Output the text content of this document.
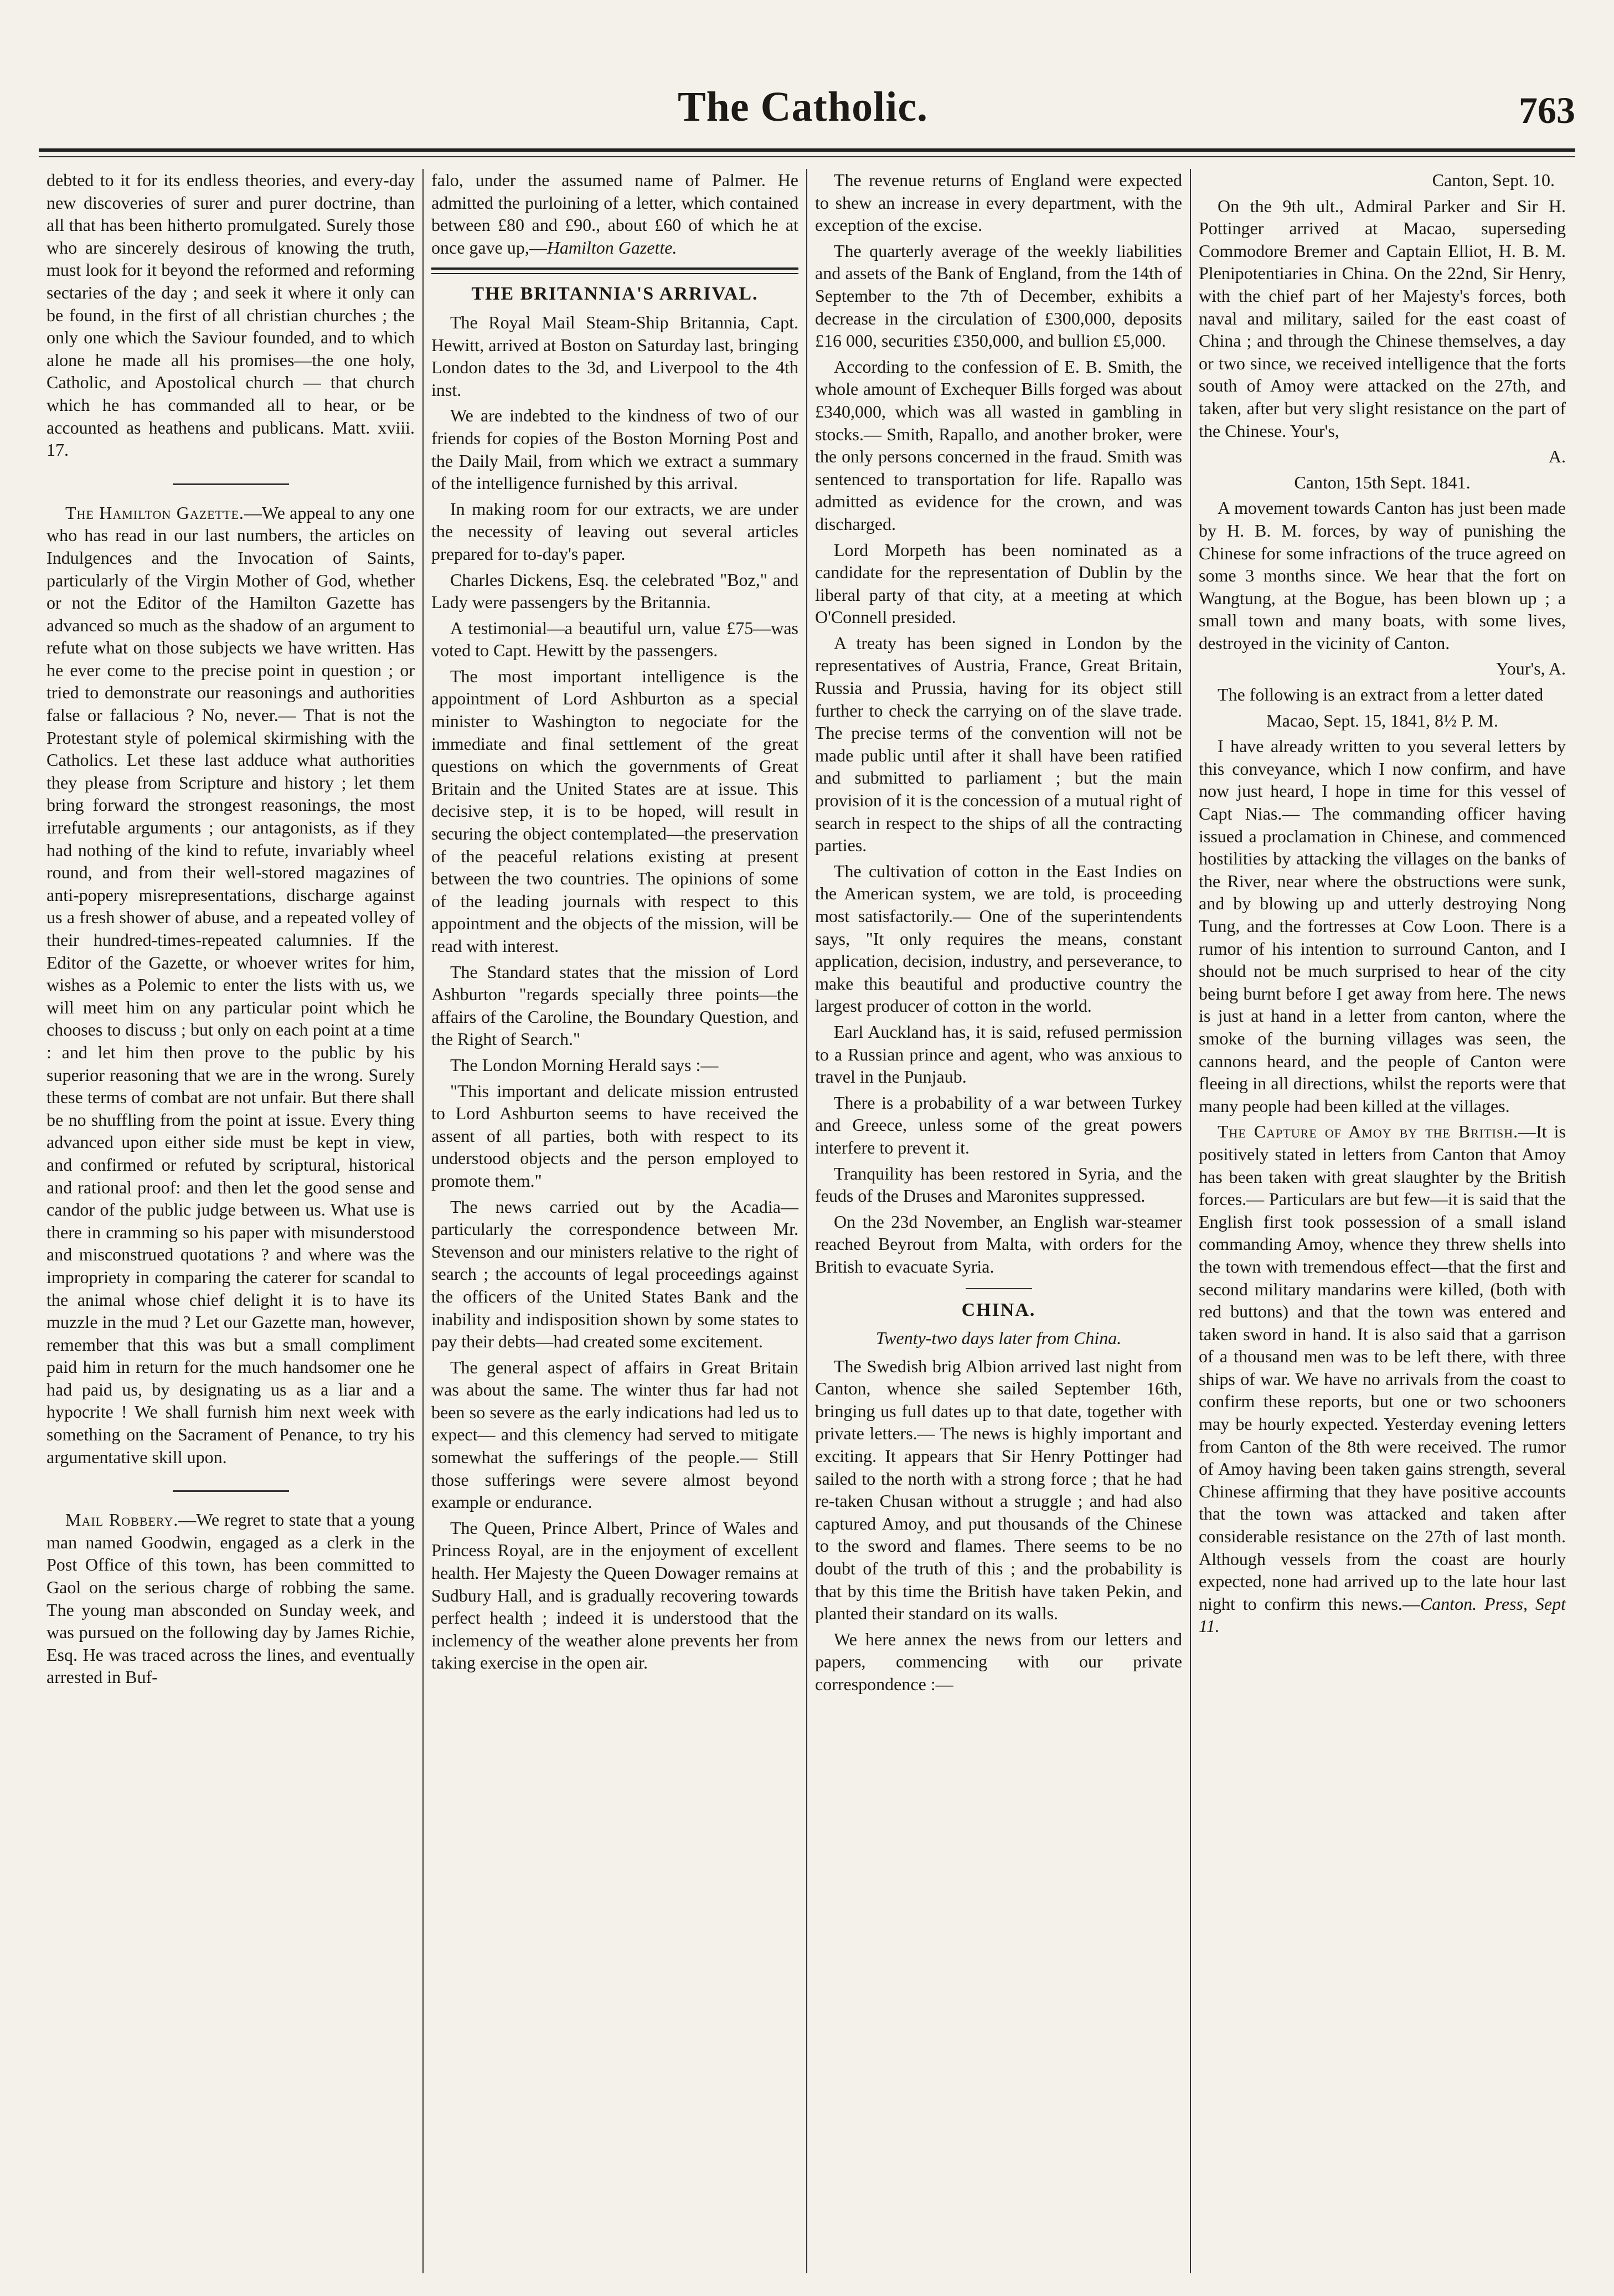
The Catholic.	763

debted to it for its endless theories, and every-day new discoveries of surer and purer doctrine, than all that has been hitherto promulgated. Surely those who are sincerely desirous of knowing the truth, must look for it beyond the reformed and reforming sectaries of the day ; and seek it where it only can be found, in the first of all christian churches ; the only one which the Saviour founded, and to which alone he made all his promises—the one holy, Catholic, and Apostolical church — that church which he has commanded all to hear, or be accounted as heathens and publicans. Matt. xviii. 17.

The Hamilton Gazette.—We appeal to any one who has read in our last numbers, the articles on Indulgences and the Invocation of Saints, particularly of the Virgin Mother of God, whether or not the Editor of the Hamilton Gazette has advanced so much as the shadow of an argument to refute what on those subjects we have written. Has he ever come to the precise point in question ; or tried to demonstrate our reasonings and authorities false or fallacious ? No, never.— That is not the Protestant style of polemical skirmishing with the Catholics. Let these last adduce what authorities they please from Scripture and history ; let them bring forward the strongest reasonings, the most irrefutable arguments ; our antagonists, as if they had nothing of the kind to refute, invariably wheel round, and from their well-stored magazines of anti-popery misrepresentations, discharge against us a fresh shower of abuse, and a repeated volley of their hundred-times-repeated calumnies. If the Editor of the Gazette, or whoever writes for him, wishes as a Polemic to enter the lists with us, we will meet him on any particular point which he chooses to discuss ; but only on each point at a time : and let him then prove to the public by his superior reasoning that we are in the wrong. Surely these terms of combat are not unfair. But there shall be no shuffling from the point at issue. Every thing advanced upon either side must be kept in view, and confirmed or refuted by scriptural, historical and rational proof: and then let the good sense and candor of the public judge between us. What use is there in cramming so his paper with misunderstood and misconstrued quotations ? and where was the impropriety in comparing the caterer for scandal to the animal whose chief delight it is to have its muzzle in the mud ? Let our Gazette man, however, remember that this was but a small compliment paid him in return for the much handsomer one he had paid us, by designating us as a liar and a hypocrite ! We shall furnish him next week with something on the Sacrament of Penance, to try his argumentative skill upon.

Mail Robbery.—We regret to state that a young man named Goodwin, engaged as a clerk in the Post Office of this town, has been committed to Gaol on the serious charge of robbing the same. The young man absconded on Sunday week, and was pursued on the following day by James Richie, Esq. He was traced across the lines, and eventually arrested in Buf-

falo, under the assumed name of Palmer. He admitted the purloining of a letter, which contained between £80 and £90., about £60 of which he at once gave up,—Hamilton Gazette.

THE BRITANNIA'S ARRIVAL.

The Royal Mail Steam-Ship Britannia, Capt. Hewitt, arrived at Boston on Saturday last, bringing London dates to the 3d, and Liverpool to the 4th inst.

We are indebted to the kindness of two of our friends for copies of the Boston Morning Post and the Daily Mail, from which we extract a summary of the intelligence furnished by this arrival.

In making room for our extracts, we are under the necessity of leaving out several articles prepared for to-day's paper.

Charles Dickens, Esq. the celebrated "Boz," and Lady were passengers by the Britannia.

A testimonial—a beautiful urn, value £75—was voted to Capt. Hewitt by the passengers.

The most important intelligence is the appointment of Lord Ashburton as a special minister to Washington to negociate for the immediate and final settlement of the great questions on which the governments of Great Britain and the United States are at issue. This decisive step, it is to be hoped, will result in securing the object contemplated—the preservation of the peaceful relations existing at present between the two countries. The opinions of some of the leading journals with respect to this appointment and the objects of the mission, will be read with interest.

The Standard states that the mission of Lord Ashburton "regards specially three points—the affairs of the Caroline, the Boundary Question, and the Right of Search."

The London Morning Herald says :—

"This important and delicate mission entrusted to Lord Ashburton seems to have received the assent of all parties, both with respect to its understood objects and the person employed to promote them."

The news carried out by the Acadia— particularly the correspondence between Mr. Stevenson and our ministers relative to the right of search ; the accounts of legal proceedings against the officers of the United States Bank and the inability and indisposition shown by some states to pay their debts—had created some excitement.

The general aspect of affairs in Great Britain was about the same. The winter thus far had not been so severe as the early indications had led us to expect— and this clemency had served to mitigate somewhat the sufferings of the people.— Still those sufferings were severe almost beyond example or endurance.

The Queen, Prince Albert, Prince of Wales and Princess Royal, are in the enjoyment of excellent health. Her Majesty the Queen Dowager remains at Sudbury Hall, and is gradually recovering towards perfect health ; indeed it is understood that the inclemency of the weather alone prevents her from taking exercise in the open air.

The revenue returns of England were expected to shew an increase in every department, with the exception of the excise.

The quarterly average of the weekly liabilities and assets of the Bank of England, from the 14th of September to the 7th of December, exhibits a decrease in the circulation of £300,000, deposits £16 000, securities £350,000, and bullion £5,000.

According to the confession of E. B. Smith, the whole amount of Exchequer Bills forged was about £340,000, which was all wasted in gambling in stocks.— Smith, Rapallo, and another broker, were the only persons concerned in the fraud. Smith was sentenced to transportation for life. Rapallo was admitted as evidence for the crown, and was discharged.

Lord Morpeth has been nominated as a candidate for the representation of Dublin by the liberal party of that city, at a meeting at which O'Connell presided.

A treaty has been signed in London by the representatives of Austria, France, Great Britain, Russia and Prussia, having for its object still further to check the carrying on of the slave trade. The precise terms of the convention will not be made public until after it shall have been ratified and submitted to parliament ; but the main provision of it is the concession of a mutual right of search in respect to the ships of all the contracting parties.

The cultivation of cotton in the East Indies on the American system, we are told, is proceeding most satisfactorily.— One of the superintendents says, "It only requires the means, constant application, decision, industry, and perseverance, to make this beautiful and productive country the largest producer of cotton in the world.

Earl Auckland has, it is said, refused permission to a Russian prince and agent, who was anxious to travel in the Punjaub.

There is a probability of a war between Turkey and Greece, unless some of the great powers interfere to prevent it.

Tranquility has been restored in Syria, and the feuds of the Druses and Maronites suppressed.

On the 23d November, an English war-steamer reached Beyrout from Malta, with orders for the British to evacuate Syria.

CHINA.

Twenty-two days later from China.

The Swedish brig Albion arrived last night from Canton, whence she sailed September 16th, bringing us full dates up to that date, together with private letters.— The news is highly important and exciting. It appears that Sir Henry Pottinger had sailed to the north with a strong force ; that he had re-taken Chusan without a struggle ; and had also captured Amoy, and put thousands of the Chinese to the sword and flames. There seems to be no doubt of the truth of this ; and the probability is that by this time the British have taken Pekin, and planted their standard on its walls.

We here annex the news from our letters and papers, commencing with our private correspondence :—

Canton, Sept. 10.

On the 9th ult., Admiral Parker and Sir H. Pottinger arrived at Macao, superseding Commodore Bremer and Captain Elliot, H. B. M. Plenipotentiaries in China. On the 22nd, Sir Henry, with the chief part of her Majesty's forces, both naval and military, sailed for the east coast of China ; and through the Chinese themselves, a day or two since, we received intelligence that the forts south of Amoy were attacked on the 27th, and taken, after but very slight resistance on the part of the Chinese. Your's,

A.

Canton, 15th Sept. 1841.

A movement towards Canton has just been made by H. B. M. forces, by way of punishing the Chinese for some infractions of the truce agreed on some 3 months since. We hear that the fort on Wangtung, at the Bogue, has been blown up ; a small town and many boats, with some lives, destroyed in the vicinity of Canton.

Your's, A.

The following is an extract from a letter dated

Macao, Sept. 15, 1841, 8½ P. M.

I have already written to you several letters by this conveyance, which I now confirm, and have now just heard, I hope in time for this vessel of Capt Nias.— The commanding officer having issued a proclamation in Chinese, and commenced hostilities by attacking the villages on the banks of the River, near where the obstructions were sunk, and by blowing up and utterly destroying Nong Tung, and the fortresses at Cow Loon. There is a rumor of his intention to surround Canton, and I should not be much surprised to hear of the city being burnt before I get away from here. The news is just at hand in a letter from canton, where the smoke of the burning villages was seen, the cannons heard, and the people of Canton were fleeing in all directions, whilst the reports were that many people had been killed at the villages.

The Capture of Amoy by the British.—It is positively stated in letters from Canton that Amoy has been taken with great slaughter by the British forces.— Particulars are but few—it is said that the English first took possession of a small island commanding Amoy, whence they threw shells into the town with tremendous effect—that the first and second military mandarins were killed, (both with red buttons) and that the town was entered and taken sword in hand. It is also said that a garrison of a thousand men was to be left there, with three ships of war. We have no arrivals from the coast to confirm these reports, but one or two schooners may be hourly expected. Yesterday evening letters from Canton of the 8th were received. The rumor of Amoy having been taken gains strength, several Chinese affirming that they have positive accounts that the town was attacked and taken after considerable resistance on the 27th of last month. Although vessels from the coast are hourly expected, none had arrived up to the late hour last night to confirm this news.—Canton. Press, Sept 11.
